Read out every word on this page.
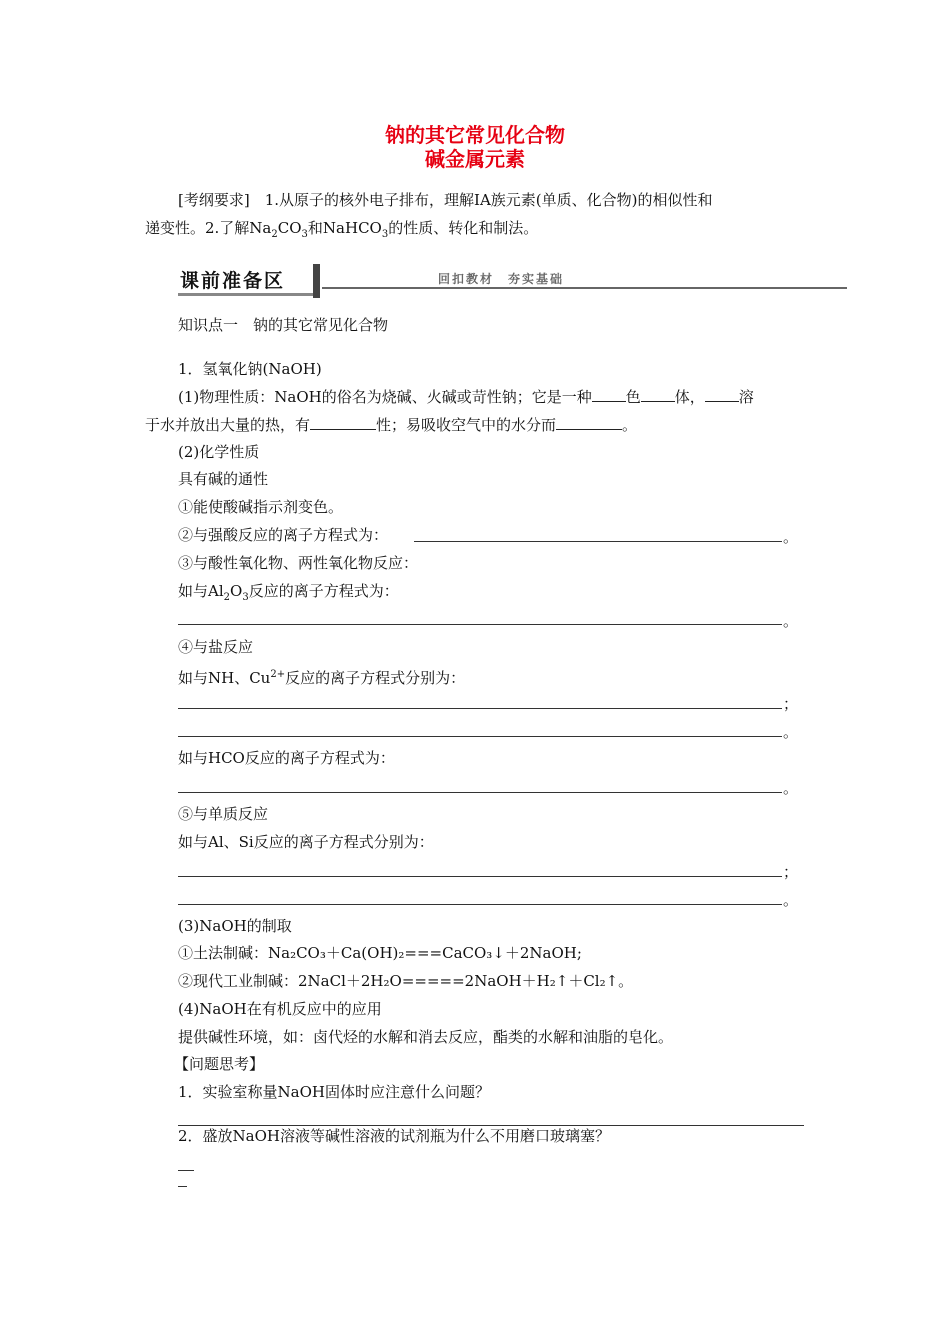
钠的其它常见化合物
碱金属元素
[考纲要求]　1.从原子的核外电子排布，理解ⅠA族元素(单质、化合物)的相似性和
递变性。2.了解$Na_2CO_3$和NaHCO$_3$的性质、转化和制法。
课前准备区	回扣教材　夯实基础
知识点一　钠的其它常见化合物
1．氢氧化钠(NaOH)
(1)物理性质：NaOH的俗名为烧碱、火碱或苛性钠；它是一种 色 体， 溶
于水并放出大量的热，有	性；易吸收空气中的水分而	。
(2)化学性质
具有碱的通性
①能使酸碱指示剂变色。
②与强酸反应的离子方程式为：	。
③与酸性氧化物、两性氧化物反应：
如与$Al_2O_3$反应的离子方程式为：
。
④与盐反应
如与NH、$Cu^{2+}$反应的离子方程式分别为：
；
。
如与HCO反应的离子方程式为：
。
⑤与单质反应
如与Al、Si反应的离子方程式分别为：
；
。
(3)NaOH的制取
①土法制碱：Na₂CO₃＋Ca(OH)₂===CaCO₃↓＋2NaOH;
②现代工业制碱：2NaCl＋2H₂O=====2NaOH＋H₂↑＋Cl₂↑。
(4)NaOH在有机反应中的应用
提供碱性环境，如：卤代烃的水解和消去反应，酯类的水解和油脂的皂化。
【问题思考】
1．实验室称量NaOH固体时应注意什么问题？
2．盛放NaOH溶液等碱性溶液的试剂瓶为什么不用磨口玻璃塞？
